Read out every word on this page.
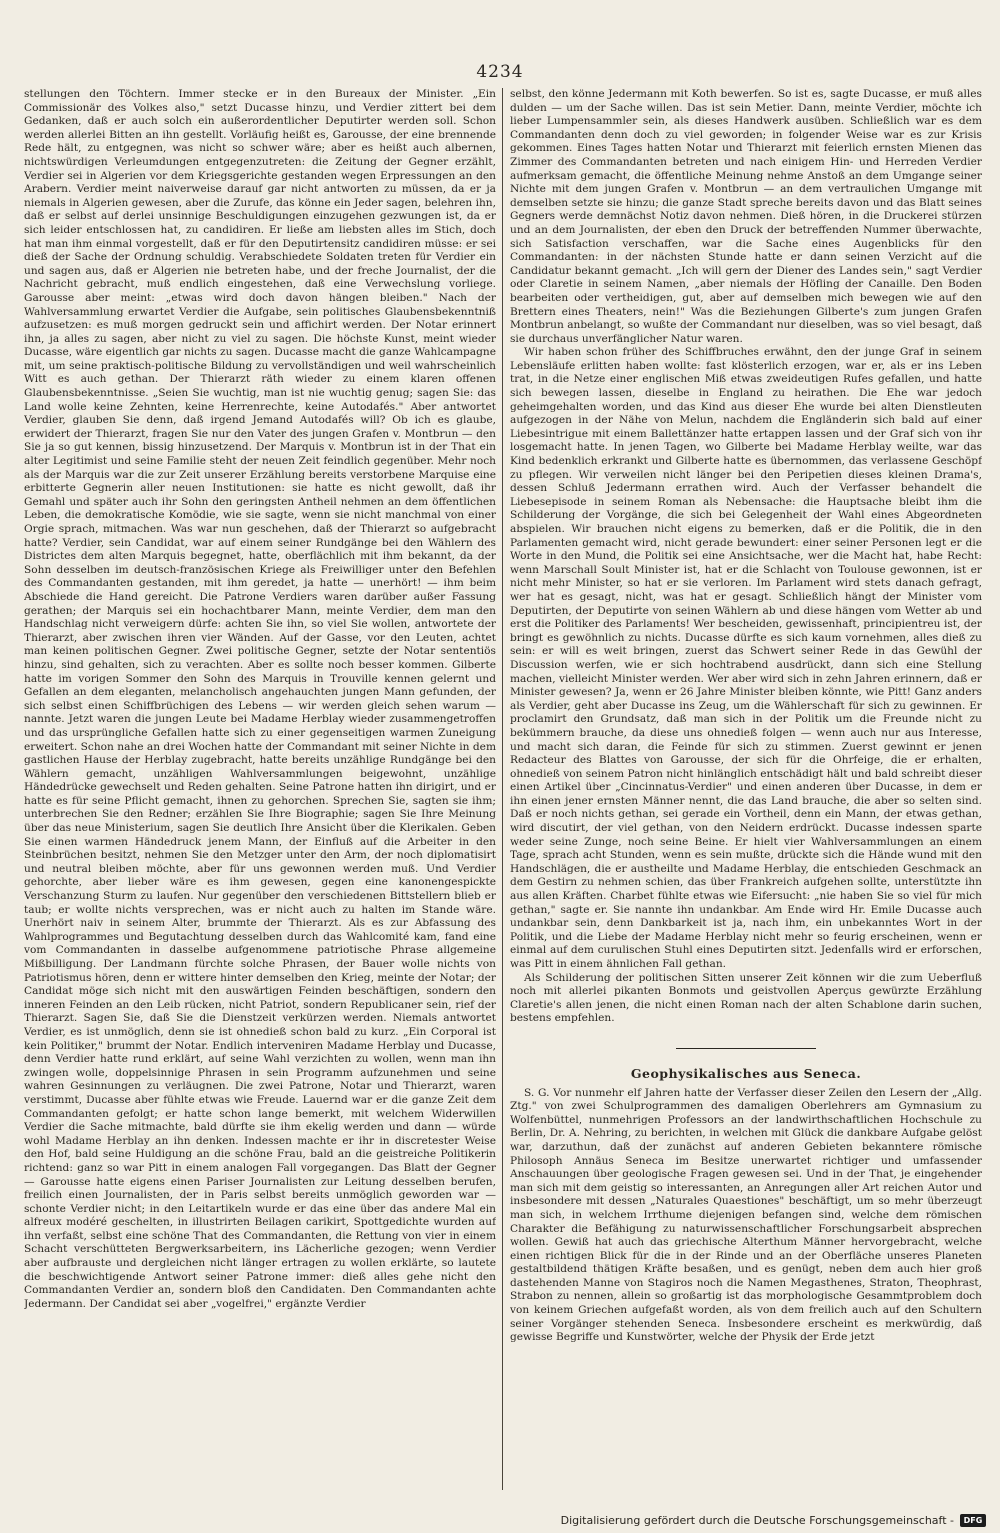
4234

stellungen den Töchtern. Immer stecke er in den Bureaux der Minister. „Ein Commissionär des Volkes also," setzt Ducasse hinzu, und Verdier zittert bei dem Gedanken, daß er auch solch ein außerordentlicher Deputirter werden soll. Schon werden allerlei Bitten an ihn gestellt. Vorläufig heißt es, Garousse, der eine brennende Rede hält, zu entgegnen, was nicht so schwer wäre; aber es heißt auch albernen, nichtswürdigen Verleumdungen entgegenzutreten: die Zeitung der Gegner erzählt, Verdier sei in Algerien vor dem Kriegsgerichte gestanden wegen Erpressungen an den Arabern. Verdier meint naiverweise darauf gar nicht antworten zu müssen, da er ja niemals in Algerien gewesen, aber die Zurufe, das könne ein Jeder sagen, belehren ihn, daß er selbst auf derlei unsinnige Beschuldigungen einzugehen gezwungen ist, da er sich leider entschlossen hat, zu candidiren. Er ließe am liebsten alles im Stich, doch hat man ihm einmal vorgestellt, daß er für den Deputirtensitz candidiren müsse: er sei dieß der Sache der Ordnung schuldig. Verabschiedete Soldaten treten für Verdier ein und sagen aus, daß er Algerien nie betreten habe, und der freche Journalist, der die Nachricht gebracht, muß endlich eingestehen, daß eine Verwechslung vorliege. Garousse aber meint: „etwas wird doch davon hängen bleiben." Nach der Wahlversammlung erwartet Verdier die Aufgabe, sein politisches Glaubensbekenntniß aufzusetzen: es muß morgen gedruckt sein und affichirt werden. Der Notar erinnert ihn, ja alles zu sagen, aber nicht zu viel zu sagen. Die höchste Kunst, meint wieder Ducasse, wäre eigentlich gar nichts zu sagen. Ducasse macht die ganze Wahlcampagne mit, um seine praktisch-politische Bildung zu vervollständigen und weil wahrscheinlich Witt es auch gethan. Der Thierarzt räth wieder zu einem klaren offenen Glaubensbekenntnisse. „Seien Sie wuchtig, man ist nie wuchtig genug; sagen Sie: das Land wolle keine Zehnten, keine Herrenrechte, keine Autodafés." Aber antwortet Verdier, glauben Sie denn, daß irgend Jemand Autodafés will? Ob ich es glaube, erwidert der Thierarzt, fragen Sie nur den Vater des jungen Grafen v. Montbrun — den Sie ja so gut kennen, bissig hinzusetzend. Der Marquis v. Montbrun ist in der That ein alter Legitimist und seine Familie steht der neuen Zeit feindlich gegenüber. Mehr noch als der Marquis war die zur Zeit unserer Erzählung bereits verstorbene Marquise eine erbitterte Gegnerin aller neuen Institutionen: sie hatte es nicht gewollt, daß ihr Gemahl und später auch ihr Sohn den geringsten Antheil nehmen an dem öffentlichen Leben, die demokratische Komödie, wie sie sagte, wenn sie nicht manchmal von einer Orgie sprach, mitmachen. Was war nun geschehen, daß der Thierarzt so aufgebracht hatte? Verdier, sein Candidat, war auf einem seiner Rundgänge bei den Wählern des Districtes dem alten Marquis begegnet, hatte, oberflächlich mit ihm bekannt, da der Sohn desselben im deutsch-französischen Kriege als Freiwilliger unter den Befehlen des Commandanten gestanden, mit ihm geredet, ja hatte — unerhört! — ihm beim Abschiede die Hand gereicht. Die Patrone Verdiers waren darüber außer Fassung gerathen; der Marquis sei ein hochachtbarer Mann, meinte Verdier, dem man den Handschlag nicht verweigern dürfe: achten Sie ihn, so viel Sie wollen, antwortete der Thierarzt, aber zwischen ihren vier Wänden. Auf der Gasse, vor den Leuten, achtet man keinen politischen Gegner. Zwei politische Gegner, setzte der Notar sententiös hinzu, sind gehalten, sich zu verachten. Aber es sollte noch besser kommen. Gilberte hatte im vorigen Sommer den Sohn des Marquis in Trouville kennen gelernt und Gefallen an dem eleganten, melancholisch angehauchten jungen Mann gefunden, der sich selbst einen Schiffbrüchigen des Lebens — wir werden gleich sehen warum — nannte. Jetzt waren die jungen Leute bei Madame Herblay wieder zusammengetroffen und das ursprüngliche Gefallen hatte sich zu einer gegenseitigen warmen Zuneigung erweitert. Schon nahe an drei Wochen hatte der Commandant mit seiner Nichte in dem gastlichen Hause der Herblay zugebracht, hatte bereits unzählige Rundgänge bei den Wählern gemacht, unzähligen Wahlversammlungen beigewohnt, unzählige Händedrücke gewechselt und Reden gehalten. Seine Patrone hatten ihn dirigirt, und er hatte es für seine Pflicht gemacht, ihnen zu gehorchen. Sprechen Sie, sagten sie ihm; unterbrechen Sie den Redner; erzählen Sie Ihre Biographie; sagen Sie Ihre Meinung über das neue Ministerium, sagen Sie deutlich Ihre Ansicht über die Klerikalen. Geben Sie einen warmen Händedruck jenem Mann, der Einfluß auf die Arbeiter in den Steinbrüchen besitzt, nehmen Sie den Metzger unter den Arm, der noch diplomatisirt und neutral bleiben möchte, aber für uns gewonnen werden muß. Und Verdier gehorchte, aber lieber wäre es ihm gewesen, gegen eine kanonengespickte Verschanzung Sturm zu laufen. Nur gegenüber den verschiedenen Bittstellern blieb er taub; er wollte nichts versprechen, was er nicht auch zu halten im Stande wäre. Unerhört naiv in seinem Alter, brummte der Thierarzt. Als es zur Abfassung des Wahlprogrammes und Begutachtung desselben durch das Wahlcomité kam, fand eine vom Commandanten in dasselbe aufgenommene patriotische Phrase allgemeine Mißbilligung. Der Landmann fürchte solche Phrasen, der Bauer wolle nichts von Patriotismus hören, denn er wittere hinter demselben den Krieg, meinte der Notar; der Candidat möge sich nicht mit den auswärtigen Feinden beschäftigen, sondern den inneren Feinden an den Leib rücken, nicht Patriot, sondern Republicaner sein, rief der Thierarzt. Sagen Sie, daß Sie die Dienstzeit verkürzen werden. Niemals antwortet Verdier, es ist unmöglich, denn sie ist ohnedieß schon bald zu kurz. „Ein Corporal ist kein Politiker," brummt der Notar. Endlich interveniren Madame Herblay und Ducasse, denn Verdier hatte rund erklärt, auf seine Wahl verzichten zu wollen, wenn man ihn zwingen wolle, doppelsinnige Phrasen in sein Programm aufzunehmen und seine wahren Gesinnungen zu verläugnen. Die zwei Patrone, Notar und Thierarzt, waren verstimmt, Ducasse aber fühlte etwas wie Freude. Lauernd war er die ganze Zeit dem Commandanten gefolgt; er hatte schon lange bemerkt, mit welchem Widerwillen Verdier die Sache mitmachte, bald dürfte sie ihm ekelig werden und dann — würde wohl Madame Herblay an ihn denken. Indessen machte er ihr in discretester Weise den Hof, bald seine Huldigung an die schöne Frau, bald an die geistreiche Politikerin richtend: ganz so war Pitt in einem analogen Fall vorgegangen. Das Blatt der Gegner — Garousse hatte eigens einen Pariser Journalisten zur Leitung desselben berufen, freilich einen Journalisten, der in Paris selbst bereits unmöglich geworden war — schonte Verdier nicht; in den Leitartikeln wurde er das eine über das andere Mal ein alfreux modéré geschelten, in illustrirten Beilagen carikirt, Spottgedichte wurden auf ihn verfaßt, selbst eine schöne That des Commandanten, die Rettung von vier in einem Schacht verschütteten Bergwerksarbeitern, ins Lächerliche gezogen; wenn Verdier aber aufbrauste und dergleichen nicht länger ertragen zu wollen erklärte, so lautete die beschwichtigende Antwort seiner Patrone immer: dieß alles gehe nicht den Commandanten Verdier an, sondern bloß den Candidaten. Den Commandanten achte Jedermann. Der Candidat sei aber „vogelfrei," ergänzte Verdier

selbst, den könne Jedermann mit Koth bewerfen. So ist es, sagte Ducasse, er muß alles dulden — um der Sache willen. Das ist sein Metier. Dann, meinte Verdier, möchte ich lieber Lumpensammler sein, als dieses Handwerk ausüben. Schließlich war es dem Commandanten denn doch zu viel geworden; in folgender Weise war es zur Krisis gekommen. Eines Tages hatten Notar und Thierarzt mit feierlich ernsten Mienen das Zimmer des Commandanten betreten und nach einigem Hin- und Herreden Verdier aufmerksam gemacht, die öffentliche Meinung nehme Anstoß an dem Umgange seiner Nichte mit dem jungen Grafen v. Montbrun — an dem vertraulichen Umgange mit demselben setzte sie hinzu; die ganze Stadt spreche bereits davon und das Blatt seines Gegners werde demnächst Notiz davon nehmen. Dieß hören, in die Druckerei stürzen und an dem Journalisten, der eben den Druck der betreffenden Nummer überwachte, sich Satisfaction verschaffen, war die Sache eines Augenblicks für den Commandanten: in der nächsten Stunde hatte er dann seinen Verzicht auf die Candidatur bekannt gemacht. „Ich will gern der Diener des Landes sein," sagt Verdier oder Claretie in seinem Namen, „aber niemals der Höfling der Canaille. Den Boden bearbeiten oder vertheidigen, gut, aber auf demselben mich bewegen wie auf den Brettern eines Theaters, nein!" Was die Beziehungen Gilberte's zum jungen Grafen Montbrun anbelangt, so wußte der Commandant nur dieselben, was so viel besagt, daß sie durchaus unverfänglicher Natur waren.

Wir haben schon früher des Schiffbruches erwähnt, den der junge Graf in seinem Lebensläufe erlitten haben wollte: fast klösterlich erzogen, war er, als er ins Leben trat, in die Netze einer englischen Miß etwas zweideutigen Rufes gefallen, und hatte sich bewegen lassen, dieselbe in England zu heirathen. Die Ehe war jedoch geheimgehalten worden, und das Kind aus dieser Ehe wurde bei alten Dienstleuten aufgezogen in der Nähe von Melun, nachdem die Engländerin sich bald auf einer Liebesintrigue mit einem Ballettänzer hatte ertappen lassen und der Graf sich von ihr losgemacht hatte. In jenen Tagen, wo Gilberte bei Madame Herblay weilte, war das Kind bedenklich erkrankt und Gilberte hatte es übernommen, das verlassene Geschöpf zu pflegen. Wir verweilen nicht länger bei den Peripetien dieses kleinen Drama's, dessen Schluß Jedermann errathen wird. Auch der Verfasser behandelt die Liebesepisode in seinem Roman als Nebensache: die Hauptsache bleibt ihm die Schilderung der Vorgänge, die sich bei Gelegenheit der Wahl eines Abgeordneten abspielen. Wir brauchen nicht eigens zu bemerken, daß er die Politik, die in den Parlamenten gemacht wird, nicht gerade bewundert: einer seiner Personen legt er die Worte in den Mund, die Politik sei eine Ansichtsache, wer die Macht hat, habe Recht: wenn Marschall Soult Minister ist, hat er die Schlacht von Toulouse gewonnen, ist er nicht mehr Minister, so hat er sie verloren. Im Parlament wird stets danach gefragt, wer hat es gesagt, nicht, was hat er gesagt. Schließlich hängt der Minister vom Deputirten, der Deputirte von seinen Wählern ab und diese hängen vom Wetter ab und erst die Politiker des Parlaments! Wer bescheiden, gewissenhaft, principientreu ist, der bringt es gewöhnlich zu nichts. Ducasse dürfte es sich kaum vornehmen, alles dieß zu sein: er will es weit bringen, zuerst das Schwert seiner Rede in das Gewühl der Discussion werfen, wie er sich hochtrabend ausdrückt, dann sich eine Stellung machen, vielleicht Minister werden. Wer aber wird sich in zehn Jahren erinnern, daß er Minister gewesen? Ja, wenn er 26 Jahre Minister bleiben könnte, wie Pitt! Ganz anders als Verdier, geht aber Ducasse ins Zeug, um die Wählerschaft für sich zu gewinnen. Er proclamirt den Grundsatz, daß man sich in der Politik um die Freunde nicht zu bekümmern brauche, da diese uns ohnedieß folgen — wenn auch nur aus Interesse, und macht sich daran, die Feinde für sich zu stimmen. Zuerst gewinnt er jenen Redacteur des Blattes von Garousse, der sich für die Ohrfeige, die er erhalten, ohnedieß von seinem Patron nicht hinlänglich entschädigt hält und bald schreibt dieser einen Artikel über „Cincinnatus-Verdier" und einen anderen über Ducasse, in dem er ihn einen jener ernsten Männer nennt, die das Land brauche, die aber so selten sind. Daß er noch nichts gethan, sei gerade ein Vortheil, denn ein Mann, der etwas gethan, wird discutirt, der viel gethan, von den Neidern erdrückt. Ducasse indessen sparte weder seine Zunge, noch seine Beine. Er hielt vier Wahlversammlungen an einem Tage, sprach acht Stunden, wenn es sein mußte, drückte sich die Hände wund mit den Handschlägen, die er austheilte und Madame Herblay, die entschieden Geschmack an dem Gestirn zu nehmen schien, das über Frankreich aufgehen sollte, unterstützte ihn aus allen Kräften. Charbet fühlte etwas wie Eifersucht: „nie haben Sie so viel für mich gethan," sagte er. Sie nannte ihn undankbar. Am Ende wird Hr. Emile Ducasse auch undankbar sein, denn Dankbarkeit ist ja, nach ihm, ein unbekanntes Wort in der Politik, und die Liebe der Madame Herblay nicht mehr so feurig erscheinen, wenn er einmal auf dem curulischen Stuhl eines Deputirten sitzt. Jedenfalls wird er erforschen, was Pitt in einem ähnlichen Fall gethan.

Als Schilderung der politischen Sitten unserer Zeit können wir die zum Ueberfluß noch mit allerlei pikanten Bonmots und geistvollen Aperçus gewürzte Erzählung Claretie's allen jenen, die nicht einen Roman nach der alten Schablone darin suchen, bestens empfehlen.

Geophysikalisches aus Seneca.

S. G. Vor nunmehr elf Jahren hatte der Verfasser dieser Zeilen den Lesern der „Allg. Ztg." von zwei Schulprogrammen des damaligen Oberlehrers am Gymnasium zu Wolfenbüttel, nunmehrigen Professors an der landwirthschaftlichen Hochschule zu Berlin, Dr. A. Nehring, zu berichten, in welchen mit Glück die dankbare Aufgabe gelöst war, darzuthun, daß der zunächst auf anderen Gebieten bekanntere römische Philosoph Annäus Seneca im Besitze unerwartet richtiger und umfassender Anschauungen über geologische Fragen gewesen sei. Und in der That, je eingehender man sich mit dem geistig so interessanten, an Anregungen aller Art reichen Autor und insbesondere mit dessen „Naturales Quaestiones" beschäftigt, um so mehr überzeugt man sich, in welchem Irrthume diejenigen befangen sind, welche dem römischen Charakter die Befähigung zu naturwissenschaftlicher Forschungsarbeit absprechen wollen. Gewiß hat auch das griechische Alterthum Männer hervorgebracht, welche einen richtigen Blick für die in der Rinde und an der Oberfläche unseres Planeten gestaltbildend thätigen Kräfte besaßen, und es genügt, neben dem auch hier groß dastehenden Manne von Stagiros noch die Namen Megasthenes, Straton, Theophrast, Strabon zu nennen, allein so großartig ist das morphologische Gesammtproblem doch von keinem Griechen aufgefaßt worden, als von dem freilich auch auf den Schultern seiner Vorgänger stehenden Seneca. Insbesondere erscheint es merkwürdig, daß gewisse Begriffe und Kunstwörter, welche der Physik der Erde jetzt

Digitalisierung gefördert durch die Deutsche Forschungsgemeinschaft -	DFG
